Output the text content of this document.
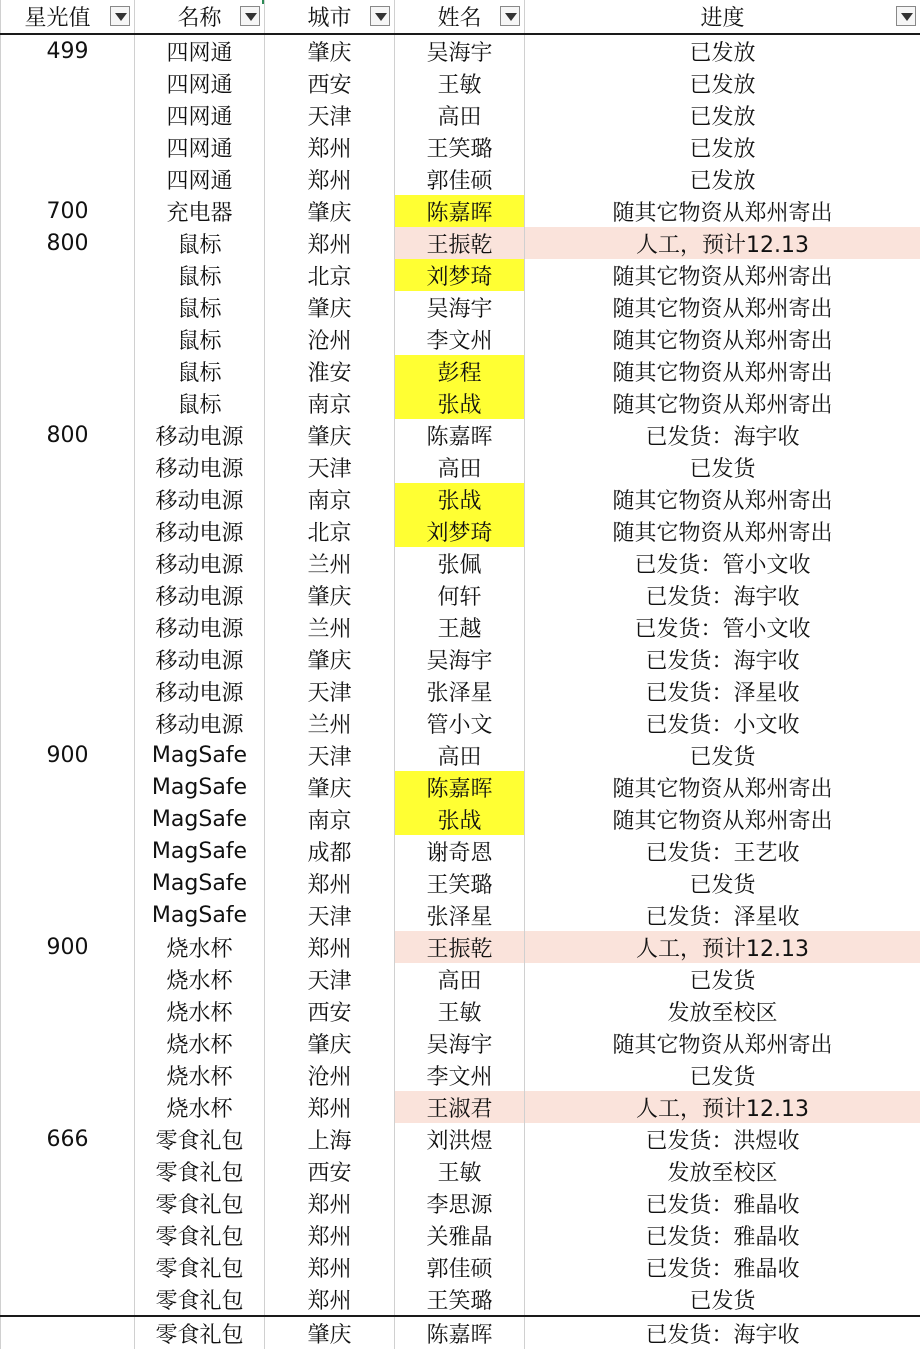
星光值	名称	城市	姓名	进度

499	四网通	肇庆	吴海宇	已发放
	四网通	西安	王敏	已发放
	四网通	天津	高田	已发放
	四网通	郑州	王笑璐	已发放
	四网通	郑州	郭佳硕	已发放
700	充电器	肇庆	陈嘉晖	随其它物资从郑州寄出
800	鼠标	郑州	王振乾	人工，预计12.13
	鼠标	北京	刘梦琦	随其它物资从郑州寄出
	鼠标	肇庆	吴海宇	随其它物资从郑州寄出
	鼠标	沧州	李文州	随其它物资从郑州寄出
	鼠标	淮安	彭程	随其它物资从郑州寄出
	鼠标	南京	张战	随其它物资从郑州寄出
800	移动电源	肇庆	陈嘉晖	已发货：海宇收
	移动电源	天津	高田	已发货
	移动电源	南京	张战	随其它物资从郑州寄出
	移动电源	北京	刘梦琦	随其它物资从郑州寄出
	移动电源	兰州	张佩	已发货：管小文收
	移动电源	肇庆	何轩	已发货：海宇收
	移动电源	兰州	王越	已发货：管小文收
	移动电源	肇庆	吴海宇	已发货：海宇收
	移动电源	天津	张泽星	已发货：泽星收
	移动电源	兰州	管小文	已发货：小文收
900	MagSafe	天津	高田	已发货
	MagSafe	肇庆	陈嘉晖	随其它物资从郑州寄出
	MagSafe	南京	张战	随其它物资从郑州寄出
	MagSafe	成都	谢奇恩	已发货：王艺收
	MagSafe	郑州	王笑璐	已发货
	MagSafe	天津	张泽星	已发货：泽星收
900	烧水杯	郑州	王振乾	人工，预计12.13
	烧水杯	天津	高田	已发货
	烧水杯	西安	王敏	发放至校区
	烧水杯	肇庆	吴海宇	随其它物资从郑州寄出
	烧水杯	沧州	李文州	已发货
	烧水杯	郑州	王淑君	人工，预计12.13
666	零食礼包	上海	刘洪煜	已发货：洪煜收
	零食礼包	西安	王敏	发放至校区
	零食礼包	郑州	李思源	已发货：雅晶收
	零食礼包	郑州	关雅晶	已发货：雅晶收
	零食礼包	郑州	郭佳硕	已发货：雅晶收
	零食礼包	郑州	王笑璐	已发货
	零食礼包	肇庆	陈嘉晖	已发货：海宇收
